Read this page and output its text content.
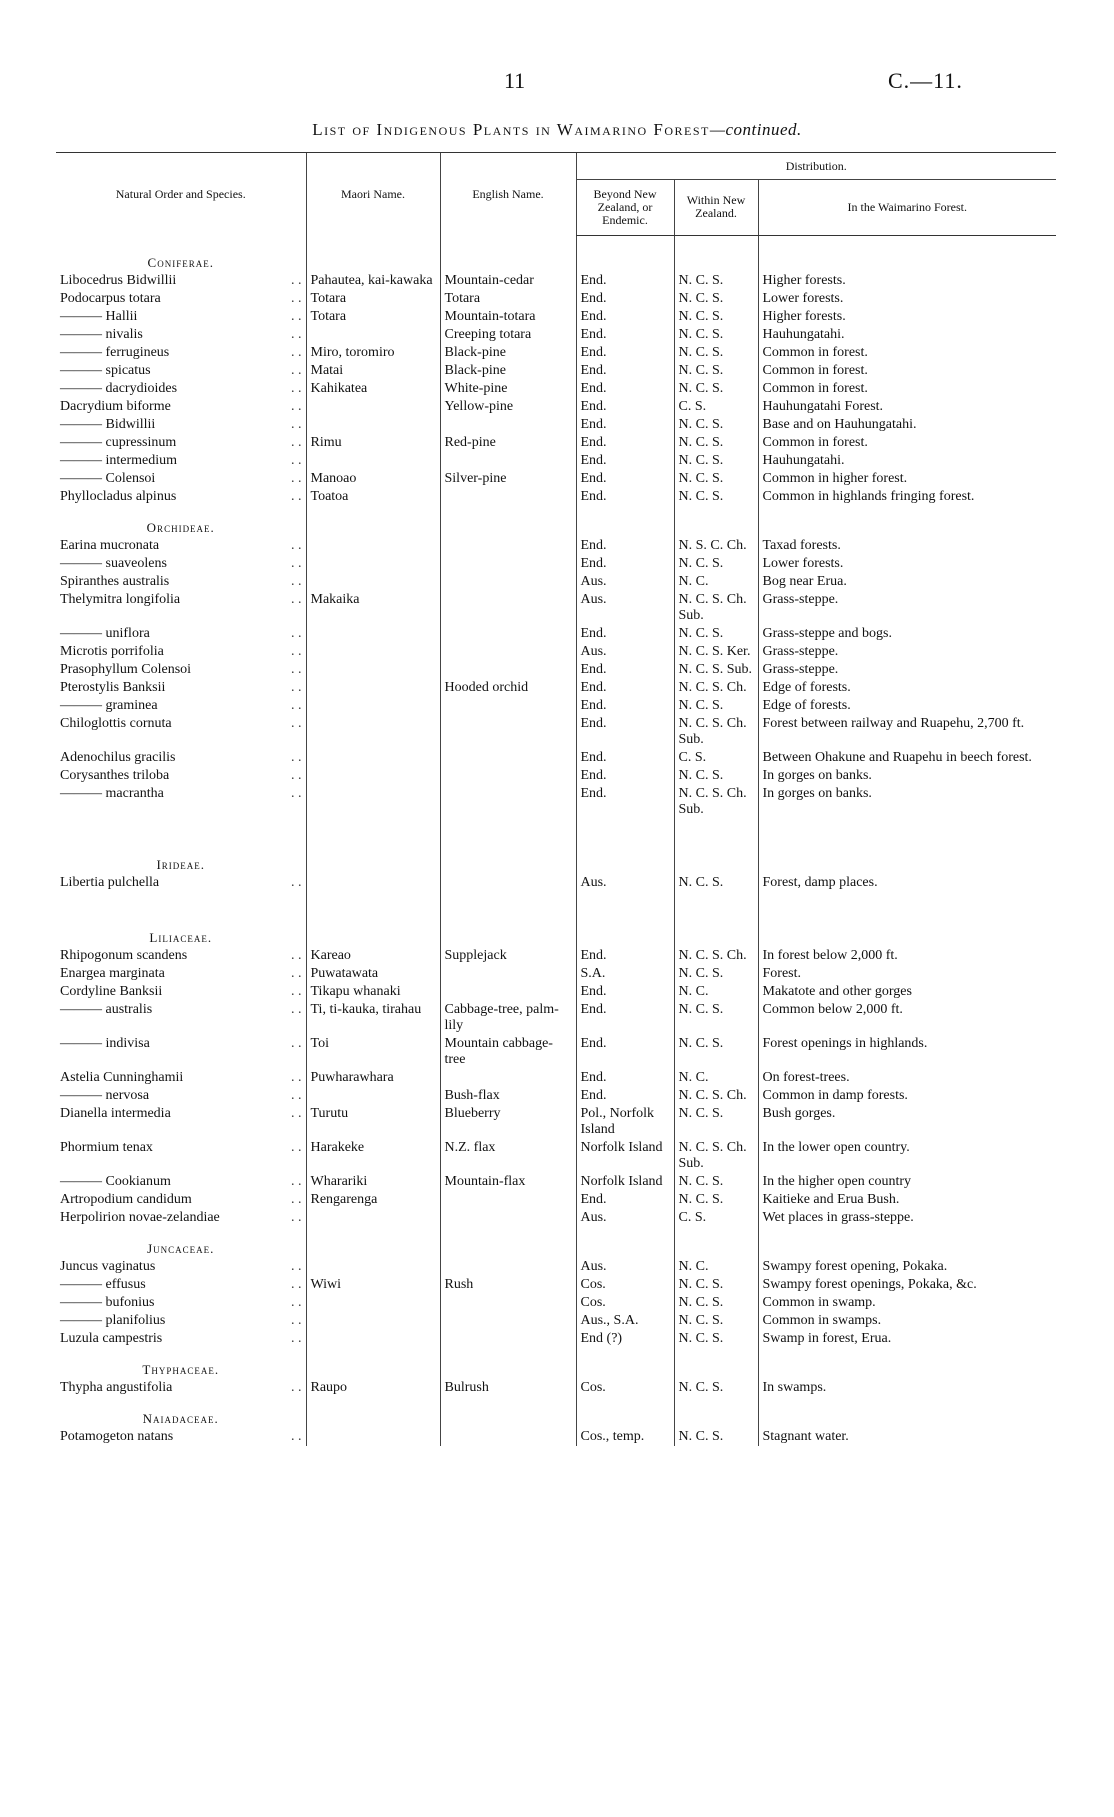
11	C.—11.
List of Indigenous Plants in Waimarino Forest—continued.
Natural Order and Species.	Maori Name.	English Name.	Distribution.		
			Beyond New Zealand, or Endemic.	Within New Zealand.	In the Waimarino Forest.
Coniferae.					

Libocedrus Bidwillii . .	Pahautea, kai-kawaka	Mountain-cedar	End.	N. C. S.	Higher forests.

Podocarpus totara . .	Totara	Totara	End.	N. C. S.	Lower forests.

——— Hallii . .	Totara	Mountain-totara	End.	N. C. S.	Higher forests.

——— nivalis . .		Creeping totara	End.	N. C. S.	Hauhungatahi.

——— ferrugineus . .	Miro, toromiro	Black-pine	End.	N. C. S.	Common in forest.

——— spicatus . .	Matai	Black-pine	End.	N. C. S.	Common in forest.

——— dacrydioides . .	Kahikatea	White-pine	End.	N. C. S.	Common in forest.

Dacrydium biforme . .		Yellow-pine	End.	C. S.	Hauhungatahi Forest.

——— Bidwillii . .			End.	N. C. S.	Base and on Hauhungatahi.

——— cupressinum . .	Rimu	Red-pine	End.	N. C. S.	Common in forest.

——— intermedium . .			End.	N. C. S.	Hauhungatahi.

——— Colensoi . .	Manoao	Silver-pine	End.	N. C. S.	Common in higher forest.

Phyllocladus alpinus . .	Toatoa		End.	N. C. S.	Common in highlands fringing forest.
Orchideae.					

Earina mucronata . .			End.	N. S. C. Ch.	Taxad forests.

——— suaveolens . .			End.	N. C. S.	Lower forests.

Spiranthes australis . .			Aus.	N. C.	Bog near Erua.

Thelymitra longifolia . .	Makaika		Aus.	N. C. S. Ch. Sub.	Grass-steppe.

——— uniflora . .			End.	N. C. S.	Grass-steppe and bogs.

Microtis porrifolia . .			Aus.	N. C. S. Ker.	Grass-steppe.

Prasophyllum Colensoi . .			End.	N. C. S. Sub.	Grass-steppe.

Pterostylis Banksii . .		Hooded orchid	End.	N. C. S. Ch.	Edge of forests.

——— graminea . .			End.	N. C. S.	Edge of forests.

Chiloglottis cornuta . .			End.	N. C. S. Ch. Sub.	Forest between railway and Ruapehu, 2,700 ft.

Adenochilus gracilis . .			End.	C. S.	Between Ohakune and Ruapehu in beech forest.

Corysanthes triloba . .			End.	N. C. S.	In gorges on banks.

——— macrantha . .			End.	N. C. S. Ch. Sub.	In gorges on banks.

Irideae.					

Libertia pulchella . .			Aus.	N. C. S.	Forest, damp places.

Liliaceae.					

Rhipogonum scandens . .	Kareao	Supplejack	End.	N. C. S. Ch.	In forest below 2,000 ft.

Enargea marginata . .	Puwatawata		S.A.	N. C. S.	Forest.

Cordyline Banksii . .	Tikapu whanaki		End.	N. C.	Makatote and other gorges

——— australis . .	Ti, ti-kauka, tirahau	Cabbage-tree, palm-lily	End.	N. C. S.	Common below 2,000 ft.

——— indivisa . .	Toi	Mountain cabbage-tree	End.	N. C. S.	Forest openings in highlands.

Astelia Cunninghamii . .	Puwharawhara		End.	N. C.	On forest-trees.

——— nervosa . .		Bush-flax	End.	N. C. S. Ch.	Common in damp forests.

Dianella intermedia . .	Turutu	Blueberry	Pol., Norfolk Island	N. C. S.	Bush gorges.

Phormium tenax . .	Harakeke	N.Z. flax	Norfolk Island	N. C. S. Ch. Sub.	In the lower open country.

——— Cookianum . .	Wharariki	Mountain-flax	Norfolk Island	N. C. S.	In the higher open country

Artropodium candidum . .	Rengarenga		End.	N. C. S.	Kaitieke and Erua Bush.

Herpolirion novae-zelandiae . .			Aus.	C. S.	Wet places in grass-steppe.
Juncaceae.					

Juncus vaginatus . .			Aus.	N. C.	Swampy forest opening, Pokaka.

——— effusus . .	Wiwi	Rush	Cos.	N. C. S.	Swampy forest openings, Pokaka, &c.

——— bufonius . .			Cos.	N. C. S.	Common in swamp.

——— planifolius . .			Aus., S.A.	N. C. S.	Common in swamps.

Luzula campestris . .			End (?)	N. C. S.	Swamp in forest, Erua.
Thyphaceae.					

Thypha angustifolia . .	Raupo	Bulrush	Cos.	N. C. S.	In swamps.
Naiadaceae.					

Potamogeton natans . .			Cos., temp.	N. C. S.	Stagnant water.
